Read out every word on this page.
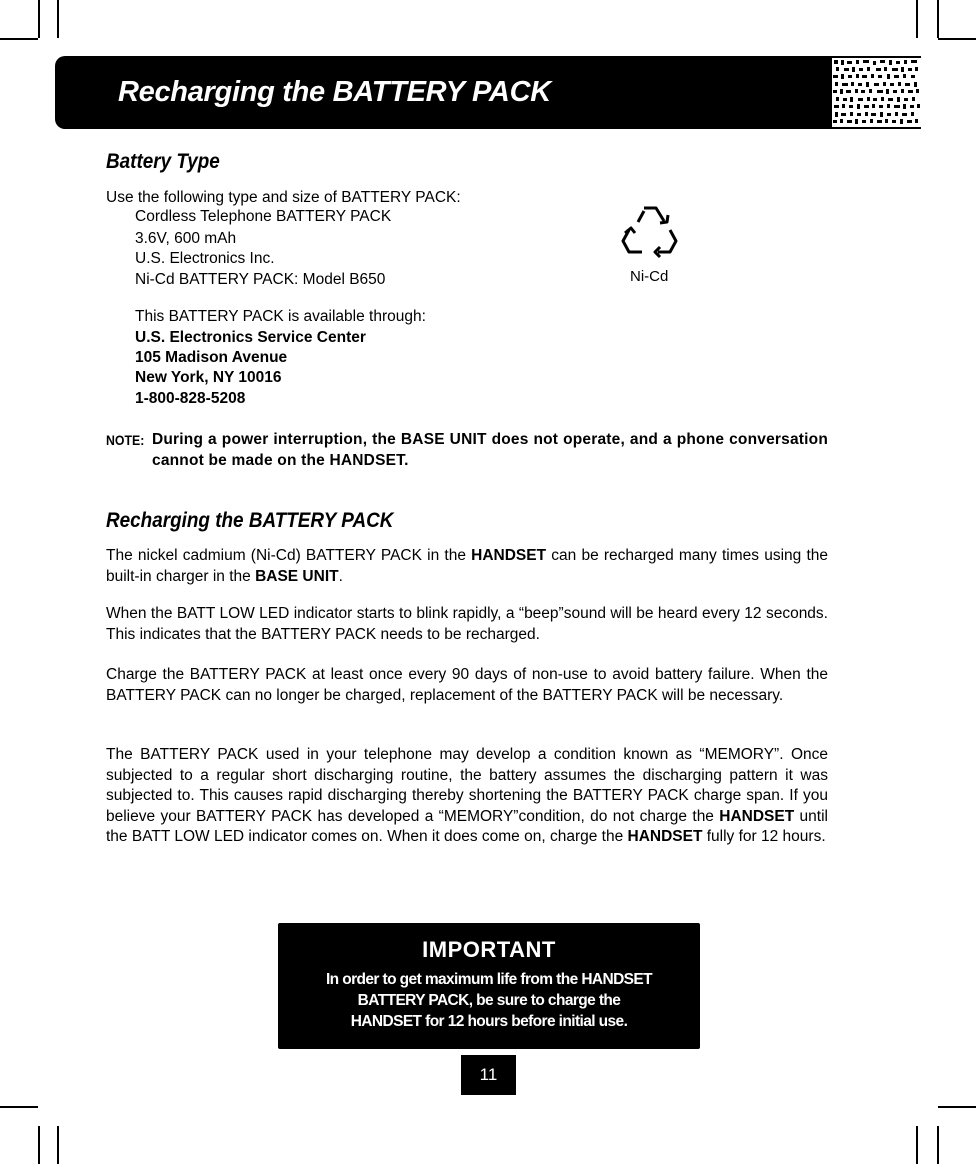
Recharging the BATTERY PACK
Battery Type
Use the following type and size of BATTERY PACK:
Cordless Telephone BATTERY PACK
3.6V, 600 mAh
U.S. Electronics Inc.
Ni-Cd BATTERY PACK: Model B650	Ni-Cd
This BATTERY PACK is available through:
U.S. Electronics Service Center
105 Madison Avenue
New York, NY 10016
1-800-828-5208
NOTE: During a power interruption, the BASE UNIT does not operate, and a phone conversation cannot be made on the HANDSET.
Recharging the BATTERY PACK
The nickel cadmium (Ni-Cd) BATTERY PACK in the HANDSET can be recharged many times using the built-in charger in the BASE UNIT.
When the BATT LOW LED indicator starts to blink rapidly, a “beep”sound will be heard every 12 seconds. This indicates that the BATTERY PACK needs to be recharged.
Charge the BATTERY PACK at least once every 90 days of non-use to avoid battery failure. When the BATTERY PACK can no longer be charged, replacement of the BATTERY PACK will be necessary.
The BATTERY PACK used in your telephone may develop a condition known as “MEMORY”. Once subjected to a regular short discharging routine, the battery assumes the discharging pattern it was subjected to. This causes rapid discharging thereby shortening the BATTERY PACK charge span. If you believe your BATTERY PACK has developed a “MEMORY”condition, do not charge the HANDSET until the BATT LOW LED indicator comes on. When it does come on, charge the HANDSET fully for 12 hours.
IMPORTANT
In order to get maximum life from the HANDSET
BATTERY PACK, be sure to charge the
HANDSET for 12 hours before initial use.
11
